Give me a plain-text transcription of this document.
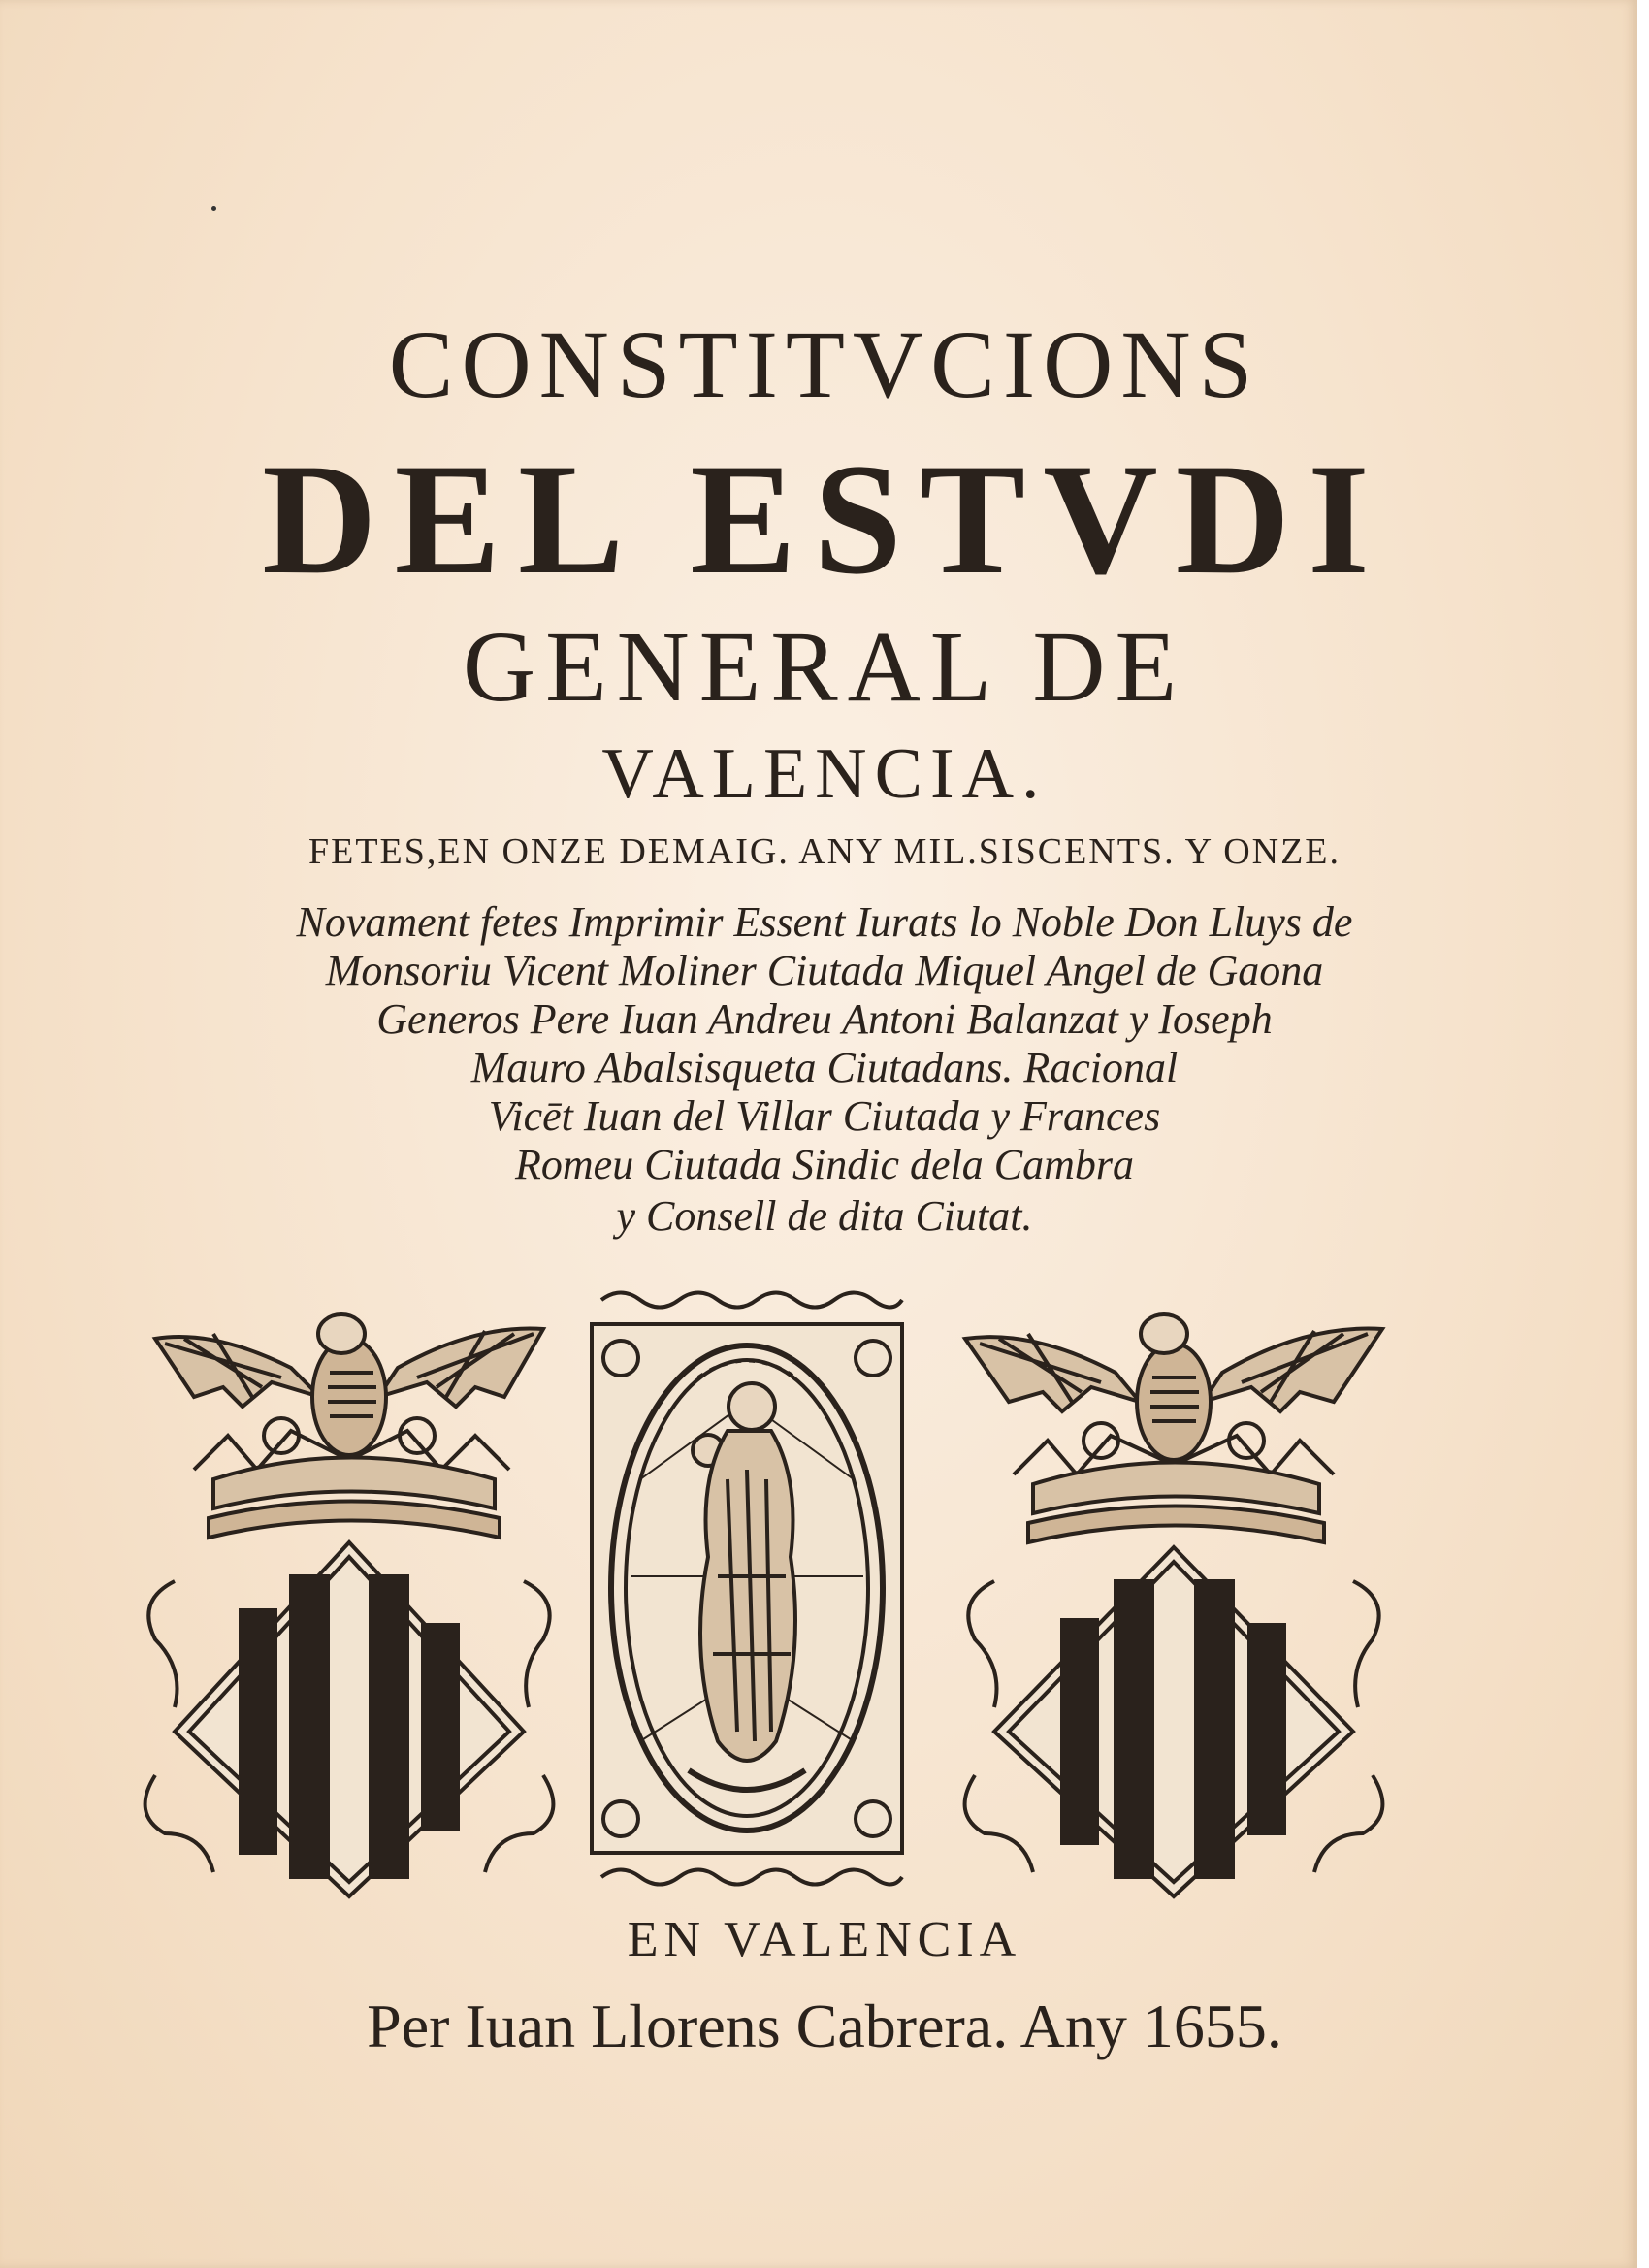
CONSTITVCIONS
DEL ESTVDI
GENERAL DE
VALENCIA.
FETES,EN ONZE DEMAIG. ANY MIL.SISCENTS. Y ONZE.
Novament fetes Imprimir Essent Iurats lo Noble Don Lluys de
Monsoriu Vicent Moliner Ciutada Miquel Angel de Gaona
Generos Pere Iuan Andreu Antoni Balanzat y Ioseph
Mauro Abalsisqueta Ciutadans. Racional
Vicēt Iuan del Villar Ciutada y Frances
Romeu Ciutada Sindic dela Cambra
y Consell de dita Ciutat.
EN VALENCIA
Per Iuan Llorens Cabrera. Any 1655.
